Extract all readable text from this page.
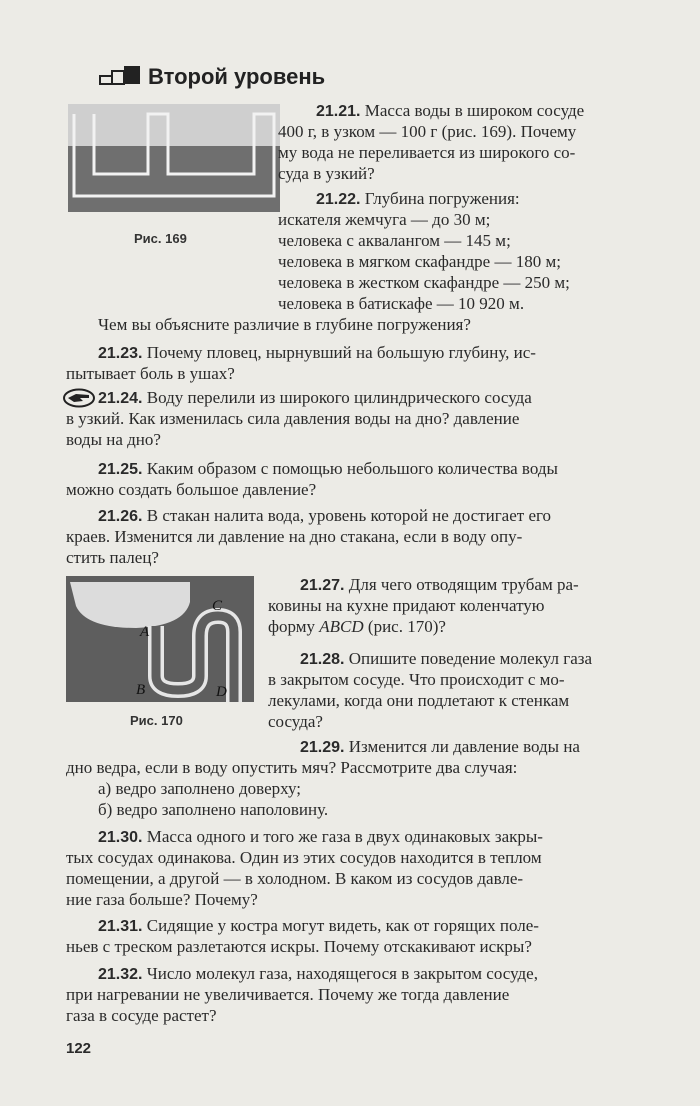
Второй уровень
Рис. 169
21.21. Масса воды в широком сосуде
400 г, в узком — 100 г (рис. 169). Почему
му вода не переливается из широкого со-
суда в узкий?
21.22. Глубина погружения:
искателя жемчуга — до 30 м;
человека с аквалангом — 145 м;
человека в мягком скафандре — 180 м;
человека в жестком скафандре — 250 м;
человека в батискафе — 10 920 м.
Чем вы объясните различие в глубине погружения?
21.23. Почему пловец, нырнувший на большую глубину, ис-
пытывает боль в ушах?
21.24. Воду перелили из широкого цилиндрического сосуда
в узкий. Как изменилась сила давления воды на дно? давление
воды на дно?
21.25. Каким образом с помощью небольшого количества воды
можно создать большое давление?
21.26. В стакан налита вода, уровень которой не достигает его
краев. Изменится ли давление на дно стакана, если в воду опу-
стить палец?
A
B
C
D
Рис. 170
21.27. Для чего отводящим трубам ра-
ковины на кухне придают коленчатую
форму ABCD (рис. 170)?
21.28. Опишите поведение молекул газа
в закрытом сосуде. Что происходит с мо-
лекулами, когда они подлетают к стенкам
сосуда?
21.29. Изменится ли давление воды на
дно ведра, если в воду опустить мяч? Рассмотрите два случая:
а) ведро заполнено доверху;
б) ведро заполнено наполовину.
21.30. Масса одного и того же газа в двух одинаковых закры-
тых сосудах одинакова. Один из этих сосудов находится в теплом
помещении, а другой — в холодном. В каком из сосудов давле-
ние газа больше? Почему?
21.31. Сидящие у костра могут видеть, как от горящих поле-
ньев с треском разлетаются искры. Почему отскакивают искры?
21.32. Число молекул газа, находящегося в закрытом сосуде,
при нагревании не увеличивается. Почему же тогда давление
газа в сосуде растет?
122
